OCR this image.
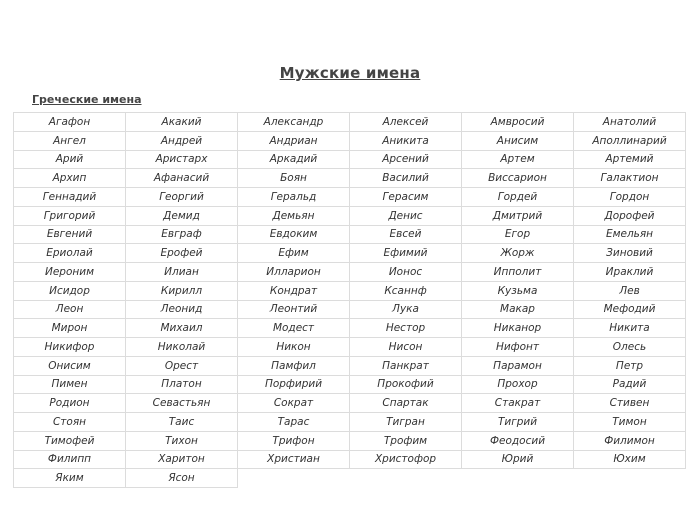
Мужские имена
Греческие имена
Агафон	Акакий	Александр	Алексей	Амвросий	Анатолий
Ангел	Андрей	Андриан	Аникита	Анисим	Аполлинарий
Арий	Аристарх	Аркадий	Арсений	Артем	Артемий
Архип	Афанасий	Боян	Василий	Виссарион	Галактион
Геннадий	Георгий	Геральд	Герасим	Гордей	Гордон
Григорий	Демид	Демьян	Денис	Дмитрий	Дорофей
Евгений	Евграф	Евдоким	Евсей	Егор	Емельян
Ериолай	Ерофей	Ефим	Ефимий	Жорж	Зиновий
Иероним	Илиан	Илларион	Ионос	Ипполит	Ираклий
Исидор	Кирилл	Кондрат	Ксаннф	Кузьма	Лев
Леон	Леонид	Леонтий	Лука	Макар	Мефодий
Мирон	Михаил	Модест	Нестор	Никанор	Никита
Никифор	Николай	Никон	Нисон	Нифонт	Олесь
Онисим	Орест	Памфил	Панкрат	Парамон	Петр
Пимен	Платон	Порфирий	Прокофий	Прохор	Радий
Родион	Севастьян	Сократ	Спартак	Стакрат	Стивен
Стоян	Таис	Тарас	Тигран	Тигрий	Тимон
Тимофей	Тихон	Трифон	Трофим	Феодосий	Филимон
Филипп	Харитон	Христиан	Христофор	Юрий	Юхим
Яким	Ясон				
